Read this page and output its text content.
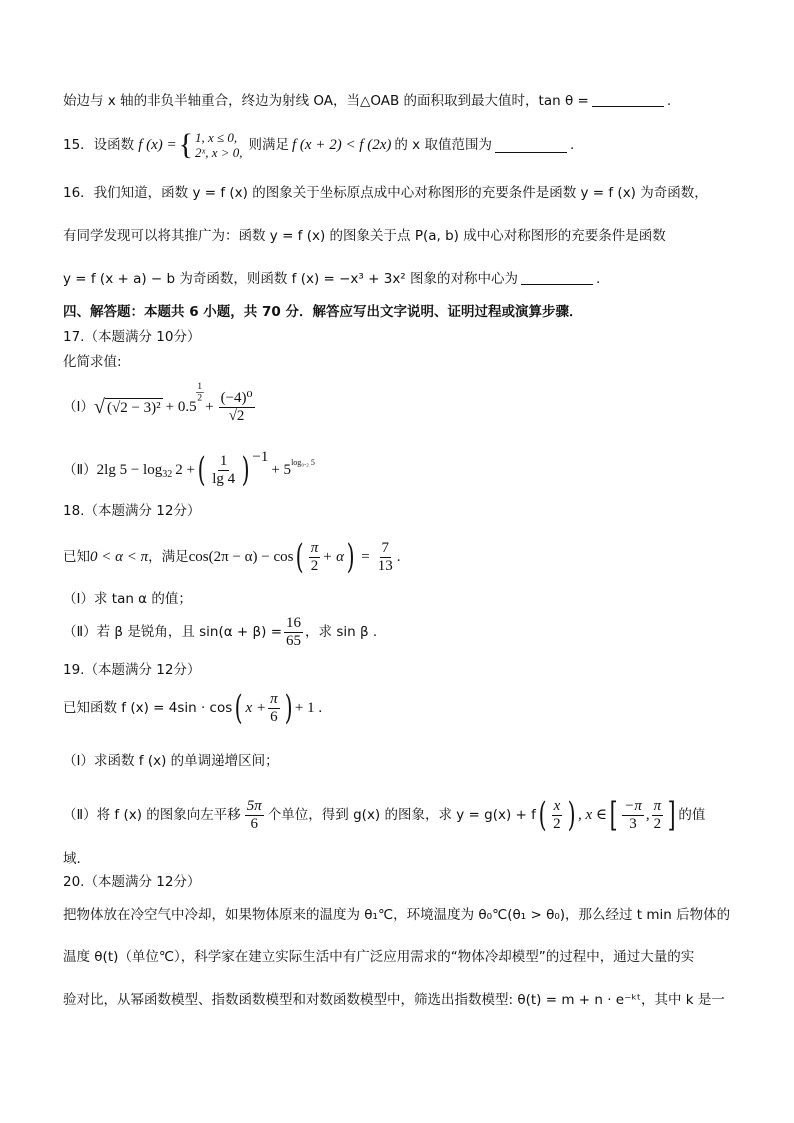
始边与 x 轴的非负半轴重合，终边为射线 OA，当△OAB 的面积取到最大值时，tan θ =	.
15．设函数 f (x) = { 1, x ≤ 0,
2ˣ, x > 0, 则满足 f (x + 2) < f (2x) 的 x 取值范围为	.
16．我们知道，函数 y = f (x) 的图象关于坐标原点成中心对称图形的充要条件是函数 y = f (x) 为奇函数，
有同学发现可以将其推广为：函数 y = f (x) 的图象关于点 P(a, b) 成中心对称图形的充要条件是函数
y = f (x + a) − b 为奇函数，则函数 f (x) = −x³ + 3x² 图象的对称中心为	.
四、解答题：本题共 6 小题，共 70 分．解答应写出文字说明、证明过程或演算步骤．
17.（本题满分 10分）
化简求值:
（Ⅰ） √ (√2 − 3)² + 0.5
$\frac{1}{2}$
+ $\frac{\text{(−4)⁰}}{√2}$
（Ⅱ） 2lg $5 - \log_{32} 2$ + ( $\frac{1}{\lg 4}$ ) −1
+ $5^{log_0._2 5}$
18.（本题满分 12分）
已知 0 < α < π ，满足 cos(2π − α) − cos ( $\frac{\pi}{2} + \alpha$ ) = $\frac{7}{13}$ .
（Ⅰ）求 tan α 的值；
（Ⅱ）若 β 是锐角，且 $\sin(\alpha + \beta) = \frac{16}{65}$ ，求 sin β .
19.（本题满分 12分）
已知函数 f (x) = 4sin · cos ( $x + \frac{\pi}{6}$ ) + 1 .
（Ⅰ）求函数 f (x) 的单调递增区间；
（Ⅱ）将 f (x) 的图象向左平移 $\frac{5\pi}{6}$ 个单位，得到 g(x) 的图象，求 y = g(x) + f ( $\frac{x}{2}$ ) , x ∈ [ $\frac{-\pi}{3}$ , $\frac{\pi}{2}$ ] 的值
域.
20.（本题满分 12分）
把物体放在冷空气中冷却，如果物体原来的温度为 θ₁℃，环境温度为 θ₀℃(θ₁ > θ₀)，那么经过 t min 后物体的
温度 θ(t)（单位℃），科学家在建立实际生活中有广泛应用需求的“物体冷却模型”的过程中，通过大量的实
验对比，从幂函数模型、指数函数模型和对数函数模型中，筛选出指数模型: θ(t) = m + n · e⁻ᵏᵗ，其中 k 是一
